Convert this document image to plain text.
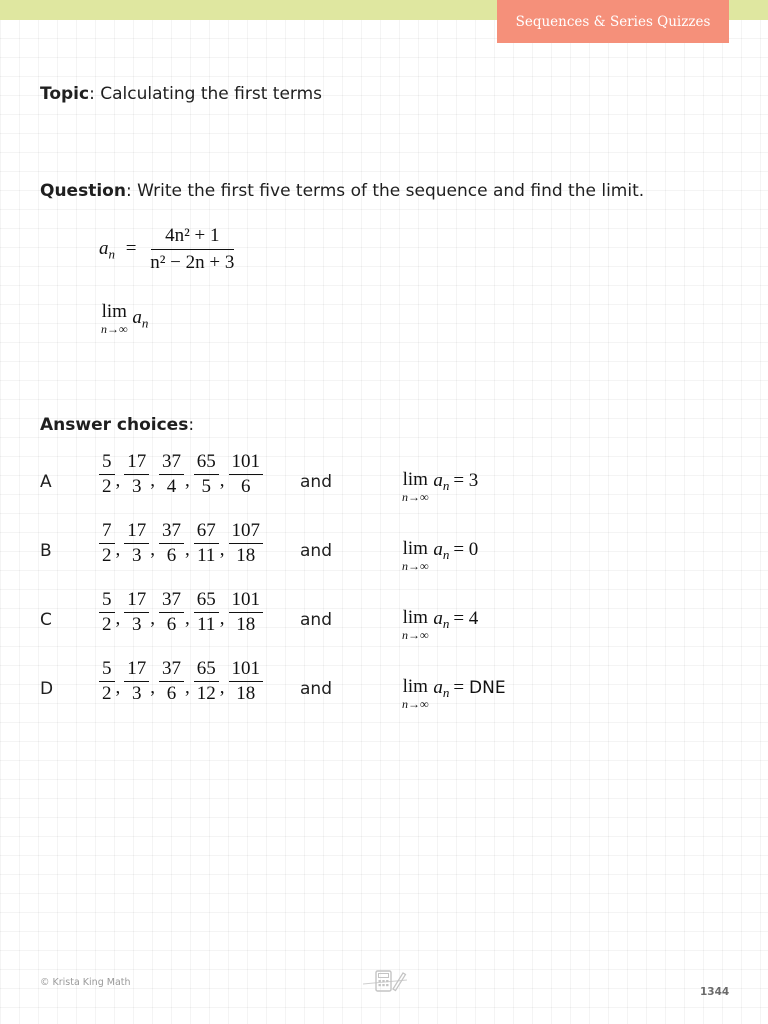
Sequences & Series Quizzes
Topic: Calculating the first terms
Question: Write the first five terms of the sequence and find the limit.
$a_n = \frac{\text{4n² + 1}}{\text{n² − 2n + 3}}$
lim
n→∞
$a_n$
Answer choices:
A $\frac{5}{2}$ , $\frac{17}{3}$ , $\frac{37}{4}$ , $\frac{65}{5}$ , $\frac{101}{6}$ and	lim
n→∞
$a_n = 3$
B $\frac{7}{2}$ , $\frac{17}{3}$ , $\frac{37}{6}$ , $\frac{67}{11}$ , $\frac{107}{18}$ and	lim
n→∞
$a_n = 0$
C $\frac{5}{2}$ , $\frac{17}{3}$ , $\frac{37}{6}$ , $\frac{65}{11}$ , $\frac{101}{18}$ and	lim
n→∞
$a_n = 4$
D $\frac{5}{2}$ , $\frac{17}{3}$ , $\frac{37}{6}$ , $\frac{65}{12}$ , $\frac{101}{18}$ and	lim
n→∞
$a_n$ = DNE
© Krista King Math
1344
